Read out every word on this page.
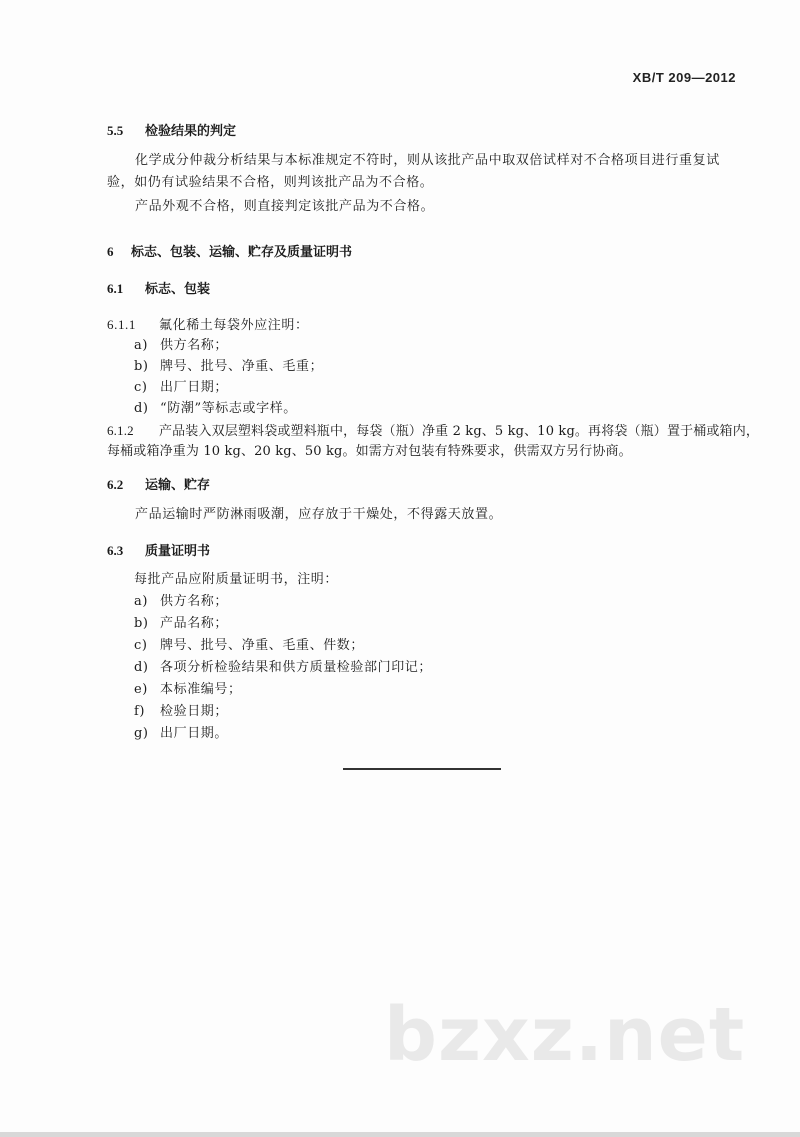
XB/T 209—2012
5.5 检验结果的判定
化学成分仲裁分析结果与本标准规定不符时，则从该批产品中取双倍试样对不合格项目进行重复试验，如仍有试验结果不合格，则判该批产品为不合格。
产品外观不合格，则直接判定该批产品为不合格。
6 标志、包装、运输、贮存及质量证明书
6.1 标志、包装
6.1.1 氟化稀土每袋外应注明：
a) 供方名称；
b) 牌号、批号、净重、毛重；
c) 出厂日期；
d) “防潮”等标志或字样。
6.1.2 产品装入双层塑料袋或塑料瓶中，每袋（瓶）净重 2 kg、5 kg、10 kg。再将袋（瓶）置于桶或箱内，
每桶或箱净重为 10 kg、20 kg、50 kg。如需方对包装有特殊要求，供需双方另行协商。
6.2 运输、贮存
产品运输时严防淋雨吸潮，应存放于干燥处，不得露天放置。
6.3 质量证明书
每批产品应附质量证明书，注明：
a) 供方名称；
b) 产品名称；
c) 牌号、批号、净重、毛重、件数；
d) 各项分析检验结果和供方质量检验部门印记；
e) 本标准编号；
f) 检验日期；
g) 出厂日期。
bzxz.net
